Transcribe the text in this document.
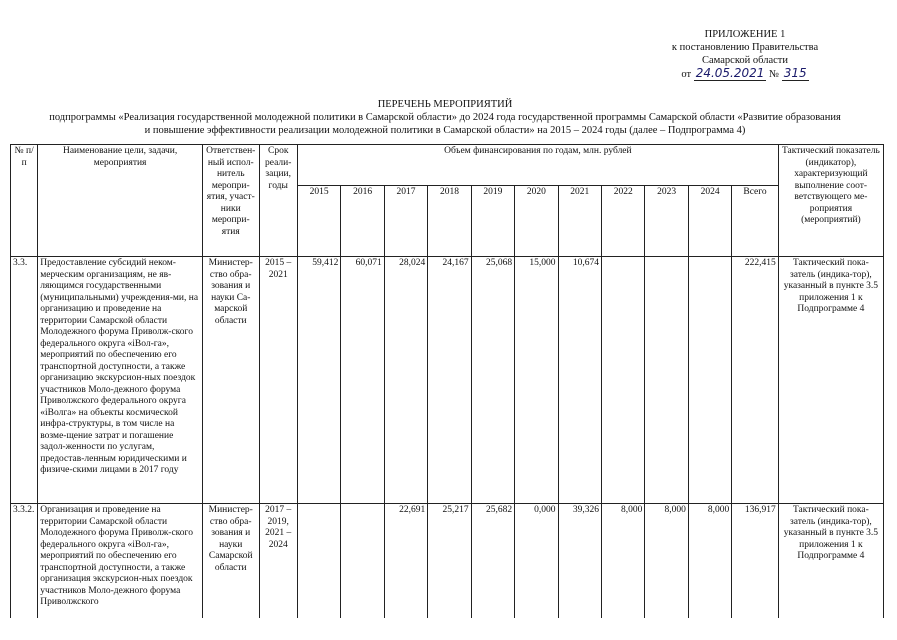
ПРИЛОЖЕНИЕ 1
к постановлению Правительства
Самарской области
от 24.05.2021 № 315
ПЕРЕЧЕНЬ МЕРОПРИЯТИЙ
подпрограммы «Реализация государственной молодежной политики в Самарской области» до 2024 года государственной программы Самарской области «Развитие образования
и повышение эффективности реализации молодежной политики в Самарской области» на 2015 – 2024 годы (далее – Подпрограмма 4)
№ п/п	Наименование цели, задачи, мероприятия	Ответствен-ный испол-нитель меропри-ятия, участ-ники меропри-ятия	Срок реали-зации, годы	Объем финансирования по годам, млн. рублей											Тактический показатель (индикатор), характеризующий выполнение соот-ветствующего ме-роприятия (мероприятий)
				2015	2016	2017	2018	2019	2020	2021	2022	2023	2024	Всего	
3.3.	Предоставление субсидий неком-мерческим организациям, не яв-ляющимся государственными (муниципальными) учреждения-ми, на организацию и проведение на территории Самарской области Молодежного форума Приволж-ского федерального округа «iВол-га», мероприятий по обеспечению его транспортной доступности, а также организацию экскурсион-ных поездок участников Моло-дежного форума Приволжского федерального округа «iВолга» на объекты космической инфра-структуры, в том числе на возме-щение затрат и погашение задол-женности по услугам, предостав-ленным юридическими и физиче-скими лицами в 2017 году	Министер-ство обра-зования и науки Са-марской области	2015 – 2021	59,412	60,071	28,024	24,167	25,068	15,000	10,674				222,415	Тактический пока-затель (индика-тор), указанный в пункте 3.5 приложения 1 к Подпрограмме 4
3.3.2.	Организация и проведение на территории Самарской области Молодежного форума Приволж-ского федерального округа «iВол-га», мероприятий по обеспечению его транспортной доступности, а также организация экскурсион-ных поездок участников Моло-дежного форума Приволжского	Министер-ство обра-зования и науки Самарской области	2017 – 2019, 2021 – 2024			22,691	25,217	25,682	0,000	39,326	8,000	8,000	8,000	136,917	Тактический пока-затель (индика-тор), указанный в пункте 3.5 приложения 1 к Подпрограмме 4
